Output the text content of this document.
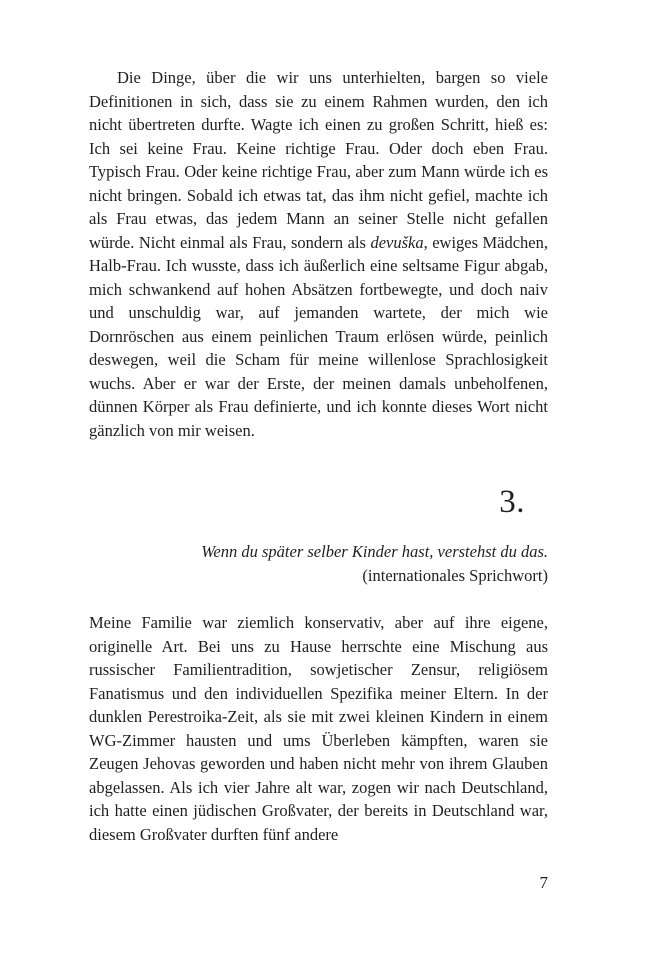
Die Dinge, über die wir uns unterhielten, bargen so viele Definitionen in sich, dass sie zu einem Rahmen wurden, den ich nicht übertreten durfte. Wagte ich einen zu großen Schritt, hieß es: Ich sei keine Frau. Keine richtige Frau. Oder doch eben Frau. Typisch Frau. Oder keine richtige Frau, aber zum Mann würde ich es nicht bringen. Sobald ich etwas tat, das ihm nicht gefiel, machte ich als Frau etwas, das jedem Mann an seiner Stelle nicht gefallen würde. Nicht einmal als Frau, sondern als devuška, ewiges Mädchen, Halb-Frau. Ich wusste, dass ich äußerlich eine seltsame Figur abgab, mich schwankend auf hohen Absätzen fortbewegte, und doch naiv und unschuldig war, auf jemanden wartete, der mich wie Dornröschen aus einem peinlichen Traum erlösen würde, peinlich deswegen, weil die Scham für meine willenlose Sprachlosigkeit wuchs. Aber er war der Erste, der meinen damals unbeholfenen, dünnen Körper als Frau definierte, und ich konnte dieses Wort nicht gänzlich von mir weisen.

3.
Wenn du später selber Kinder hast, verstehst du das.
(internationales Sprichwort)

Meine Familie war ziemlich konservativ, aber auf ihre eigene, originelle Art. Bei uns zu Hause herrschte eine Mischung aus russischer Familientradition, sowjetischer Zensur, religiösem Fanatismus und den individuellen Spezifika meiner Eltern. In der dunklen Perestroika-Zeit, als sie mit zwei kleinen Kindern in einem WG-Zimmer hausten und ums Überleben kämpften, waren sie Zeugen Jehovas geworden und haben nicht mehr von ihrem Glauben abgelassen. Als ich vier Jahre alt war, zogen wir nach Deutschland, ich hatte einen jüdischen Großvater, der bereits in Deutschland war, diesem Großvater durften fünf andere

7
